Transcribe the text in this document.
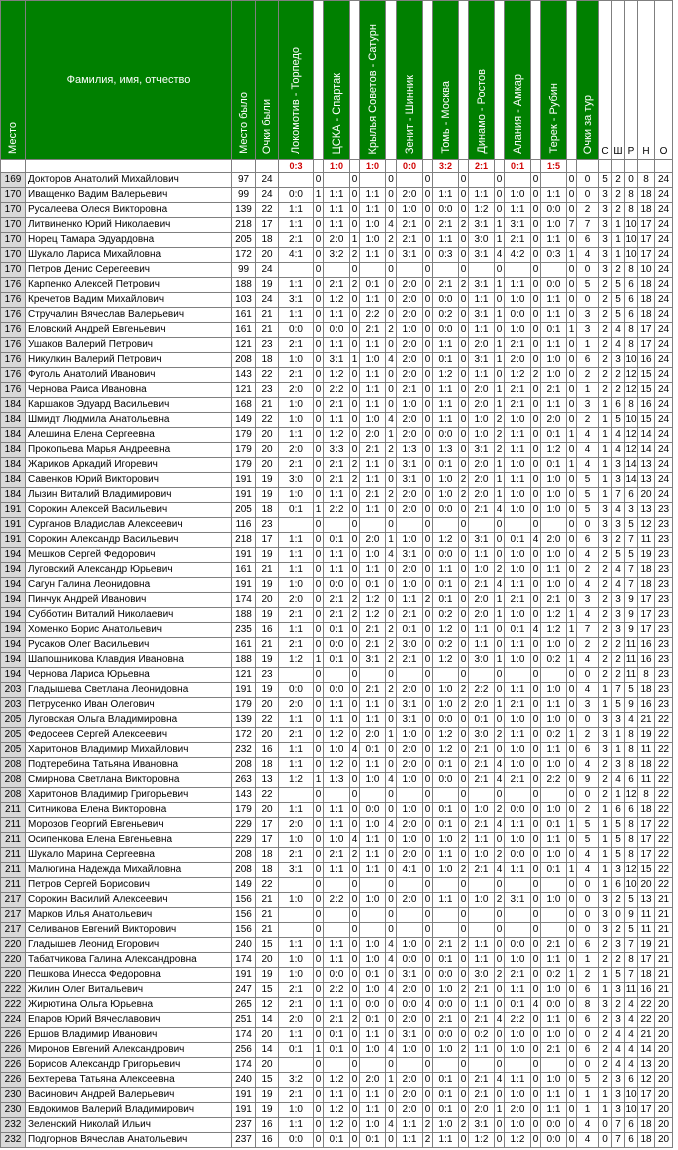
Место	Фамилия, имя, отчество	Место было	Очки были	Локомотив - Торпедо		ЦСКА - Спартак		Крылья Советов - Сатурн		Зенит - Шинник		Томь - Москва		Динамо - Ростов		Алания - Амкар		Терек - Рубин		Очки за тур	С	Ш	Р	Н	О
				0:3		1:0		1:0		0:0		3:2		2:1		0:1		1:5							
169	Докторов Анатолий Михайлович	97	24		0		0		0		0		0		0		0		0	0	5	2	0	8	24
170	Иващенко Вадим Валерьевич	99	24	0:0	1	1:1	0	1:1	0	2:0	0	1:1	0	1:1	0	1:0	0	1:1	0	0	3	2	8	18	24
170	Русалеева Олеся Викторовна	139	22	1:1	0	1:1	0	1:1	0	1:0	0	0:0	0	1:2	0	1:1	0	0:0	0	2	3	2	8	18	24
170	Литвиненко Юрий Николаевич	218	17	1:1	0	1:1	0	1:0	4	2:1	0	2:1	2	3:1	1	3:1	0	1:0	7	7	3	1	10	17	24
170	Норец Тамара Эдуардовна	205	18	2:1	0	2:0	1	1:0	2	2:1	0	1:1	0	3:0	1	2:1	0	1:1	0	6	3	1	10	17	24
170	Шукало Лариса Михайловна	172	20	4:1	0	3:2	2	1:1	0	3:1	0	0:3	0	3:1	4	4:2	0	0:3	1	4	3	1	10	17	24
170	Петров Денис Серегеевич	99	24		0		0		0		0		0		0		0		0	0	3	2	8	10	24
176	Карпенко Алексей Петрович	188	19	1:1	0	2:1	2	0:1	0	2:0	0	2:1	2	3:1	1	1:1	0	0:0	0	5	2	5	6	18	24
176	Кречетов Вадим Михайлович	103	24	3:1	0	1:2	0	1:1	0	2:0	0	0:0	0	1:1	0	1:0	0	1:1	0	0	2	5	6	18	24
176	Стручалин Вячеслав Валерьевич	161	21	1:1	0	1:1	0	2:2	0	2:0	0	0:2	0	3:1	1	0:0	0	1:1	0	3	2	5	6	18	24
176	Еловский Андрей Евгеньевич	161	21	0:0	0	0:0	0	2:1	2	1:0	0	0:0	0	1:1	0	1:0	0	0:1	1	3	2	4	8	17	24
176	Ушаков Валерий Петрович	121	23	2:1	0	1:1	0	1:1	0	2:0	0	1:1	0	2:0	1	2:1	0	1:1	0	1	2	4	8	17	24
176	Никулкин Валерий Петрович	208	18	1:0	0	3:1	1	1:0	4	2:0	0	0:1	0	3:1	1	2:0	0	1:0	0	6	2	3	10	16	24
176	Фуголь Анатолий Иванович	143	22	2:1	0	1:2	0	1:1	0	2:0	0	1:2	0	1:1	0	1:2	2	1:0	0	2	2	2	12	15	24
176	Чернова Раиса Ивановна	121	23	2:0	0	2:2	0	1:1	0	2:1	0	1:1	0	2:0	1	2:1	0	2:1	0	1	2	2	12	15	24
184	Каршаков Эдуард Васильевич	168	21	1:0	0	2:1	0	1:1	0	1:0	0	1:1	0	2:0	1	2:1	0	1:1	0	3	1	6	8	16	24
184	Шмидт Людмила Анатольевна	149	22	1:0	0	1:1	0	1:0	4	2:0	0	1:1	0	1:0	2	1:0	0	2:0	0	2	1	5	10	15	24
184	Алешина Елена Сергеевна	179	20	1:1	0	1:2	0	2:0	1	2:0	0	0:0	0	1:0	2	1:1	0	0:1	1	4	1	4	12	14	24
184	Прокопьева Марья Андреевна	179	20	2:0	0	3:3	0	2:1	2	1:3	0	1:3	0	3:1	2	1:1	0	1:2	0	4	1	4	12	14	24
184	Жариков Аркадий Игоревич	179	20	2:1	0	2:1	2	1:1	0	3:1	0	0:1	0	2:0	1	1:0	0	0:1	1	4	1	3	14	13	24
184	Савенков Юрий Викторович	191	19	3:0	0	2:1	2	1:1	0	3:1	0	1:0	2	2:0	1	1:1	0	1:0	0	5	1	3	14	13	24
184	Лызин Виталий Владимирович	191	19	1:0	0	1:1	0	2:1	2	2:0	0	1:0	2	2:0	1	1:0	0	1:0	0	5	1	7	6	20	24
191	Сорокин Алексей Васильевич	205	18	0:1	1	2:2	0	1:1	0	2:0	0	0:0	0	2:1	4	1:0	0	1:0	0	5	3	4	3	13	23
191	Сурганов Владислав Алексеевич	116	23		0		0		0		0		0		0		0		0	0	3	3	5	12	23
191	Сорокин Александр Васильевич	218	17	1:1	0	0:1	0	2:0	1	1:0	0	1:2	0	3:1	0	0:1	4	2:0	0	6	3	2	7	11	23
194	Мешков Сергей Федорович	191	19	1:1	0	1:1	0	1:0	4	3:1	0	0:0	0	1:1	0	1:0	0	1:0	0	4	2	5	5	19	23
194	Луговский Александр Юрьевич	161	21	1:1	0	1:1	0	1:1	0	2:0	0	1:1	0	1:0	2	1:0	0	1:1	0	2	2	4	7	18	23
194	Сагун Галина Леонидовна	191	19	1:0	0	0:0	0	0:1	0	1:0	0	0:1	0	2:1	4	1:1	0	1:0	0	4	2	4	7	18	23
194	Пинчук Андрей Иванович	174	20	2:0	0	2:1	2	1:2	0	1:1	2	0:1	0	2:0	1	2:1	0	2:1	0	3	2	3	9	17	23
194	Субботин Виталий Николаевич	188	19	2:1	0	2:1	2	1:2	0	2:1	0	0:2	0	2:0	1	1:0	0	1:2	1	4	2	3	9	17	23
194	Хоменко Борис Анатольевич	235	16	1:1	0	0:1	0	2:1	2	0:1	0	1:2	0	1:1	0	0:1	4	1:2	1	7	2	3	9	17	23
194	Русаков Олег Васильевич	161	21	2:1	0	0:0	0	2:1	2	3:0	0	0:2	0	1:1	0	1:1	0	1:0	0	2	2	2	11	16	23
194	Шапошникова Клавдия Ивановна	188	19	1:2	1	0:1	0	3:1	2	2:1	0	1:2	0	3:0	1	1:0	0	0:2	1	4	2	2	11	16	23
194	Чернова Лариса Юрьевна	121	23		0		0		0		0		0		0		0		0	0	2	2	11	8	23
203	Гладышева Светлана Леонидовна	191	19	0:0	0	0:0	0	2:1	2	2:0	0	1:0	2	2:2	0	1:1	0	1:0	0	4	1	7	5	18	23
203	Петрусенко Иван Олегович	179	20	2:0	0	1:1	0	1:1	0	3:1	0	1:0	2	2:0	1	2:1	0	1:1	0	3	1	5	9	16	23
205	Луговская Ольга Владимировна	139	22	1:1	0	1:1	0	1:1	0	3:1	0	0:0	0	0:1	0	1:0	0	1:0	0	0	3	3	4	21	22
205	Федосеев Сергей Алексеевич	172	20	2:1	0	1:2	0	2:0	1	1:0	0	1:2	0	3:0	2	1:1	0	0:2	1	2	3	1	8	19	22
205	Харитонов Владимир Михайлович	232	16	1:1	0	1:0	4	0:1	0	2:0	0	1:2	0	2:1	0	1:0	0	1:1	0	6	3	1	8	11	22
208	Подтеребина Татьяна Ивановна	208	18	1:1	0	1:2	0	1:1	0	2:0	0	0:1	0	2:1	4	1:0	0	1:0	0	4	2	3	8	18	22
208	Смирнова Светлана Викторовна	263	13	1:2	1	1:3	0	1:0	4	1:0	0	0:0	0	2:1	4	2:1	0	2:2	0	9	2	4	6	11	22
208	Харитонов Владимир Григорьевич	143	22		0		0		0		0		0		0		0		0	0	2	1	12	8	22
211	Ситникова Елена Викторовна	179	20	1:1	0	1:1	0	0:0	0	1:0	0	0:1	0	1:0	2	0:0	0	1:0	0	2	1	6	6	18	22
211	Морозов Георгий Евгеньевич	229	17	2:0	0	1:1	0	1:0	4	2:0	0	0:1	0	2:1	4	1:1	0	0:1	1	5	1	5	8	17	22
211	Осипенкова Елена Евгеньевна	229	17	1:0	0	1:0	4	1:1	0	1:0	0	1:0	2	1:1	0	1:0	0	1:1	0	5	1	5	8	17	22
211	Шукало Марина Сергеевна	208	18	2:1	0	2:1	2	1:1	0	2:0	0	1:1	0	1:0	2	0:0	0	1:0	0	4	1	5	8	17	22
211	Малюгина Надежда Михайловна	208	18	3:1	0	1:1	0	1:1	0	4:1	0	1:0	2	2:1	4	1:1	0	0:1	1	4	1	3	12	15	22
211	Петров Сергей Борисович	149	22		0		0		0		0		0		0		0		0	0	1	6	10	20	22
217	Сорокин Василий Алексеевич	156	21	1:0	0	2:2	0	1:0	0	2:0	0	1:1	0	1:0	2	3:1	0	1:0	0	0	3	2	5	13	21
217	Марков Илья Анатольевич	156	21		0		0		0		0		0		0		0		0	0	3	0	9	11	21
217	Селиванов Евгений Викторович	156	21		0		0		0		0		0		0		0		0	0	3	2	5	11	21
220	Гладышев Леонид Егорович	240	15	1:1	0	1:1	0	1:0	4	1:0	0	2:1	2	1:1	0	0:0	0	2:1	0	6	2	3	7	19	21
220	Табатчикова Галина Александровна	174	20	1:0	0	1:1	0	1:0	4	0:0	0	0:1	0	1:1	0	1:0	0	1:1	0	1	2	2	8	17	21
220	Пешкова Инесса Федоровна	191	19	1:0	0	0:0	0	0:1	0	3:1	0	0:0	0	3:0	2	2:1	0	0:2	1	2	1	5	7	18	21
222	Жилин Олег Витальевич	247	15	2:1	0	2:2	0	1:0	4	2:0	0	1:0	2	2:1	0	1:1	0	1:0	0	6	1	3	11	16	21
222	Жирютина Ольга Юрьевна	265	12	2:1	0	1:1	0	0:0	0	0:0	4	0:0	0	1:1	0	0:1	4	0:0	0	8	3	2	4	22	20
224	Епаров Юрий Вячеславович	251	14	2:0	0	2:1	2	0:1	0	2:0	0	2:1	0	2:1	4	2:2	0	1:1	0	6	2	3	4	22	20
226	Ершов Владимир Иванович	174	20	1:1	0	0:1	0	1:1	0	3:1	0	0:0	0	0:2	0	1:0	0	1:0	0	0	2	4	4	21	20
226	Миронов Евгений Александрович	256	14	0:1	1	0:1	0	1:0	4	1:0	0	1:0	2	1:1	0	1:0	0	2:1	0	6	2	4	4	14	20
226	Борисов Александр Григорьевич	174	20		0		0		0		0		0		0		0		0	0	2	4	4	13	20
226	Бехтерева Татьяна Алексеевна	240	15	3:2	0	1:2	0	2:0	1	2:0	0	0:1	0	2:1	4	1:1	0	1:0	0	5	2	3	6	12	20
230	Васинович Андрей Валерьевич	191	19	2:1	0	1:1	0	1:1	0	2:0	0	0:1	0	2:1	0	1:0	0	1:1	0	1	1	3	10	17	20
230	Евдокимов Валерий Владимирович	191	19	1:0	0	1:2	0	1:1	0	2:0	0	0:1	0	2:0	1	2:0	0	1:1	0	1	1	3	10	17	20
232	Зеленский Николай Ильич	237	16	1:1	0	1:2	0	1:0	4	1:1	2	1:0	2	3:1	0	1:0	0	0:0	0	4	0	7	6	18	20
232	Подгорнов Вячеслав Анатольевич	237	16	0:0	0	0:1	0	0:1	0	1:1	2	1:1	0	1:2	0	1:2	0	0:0	0	4	0	7	6	18	20
